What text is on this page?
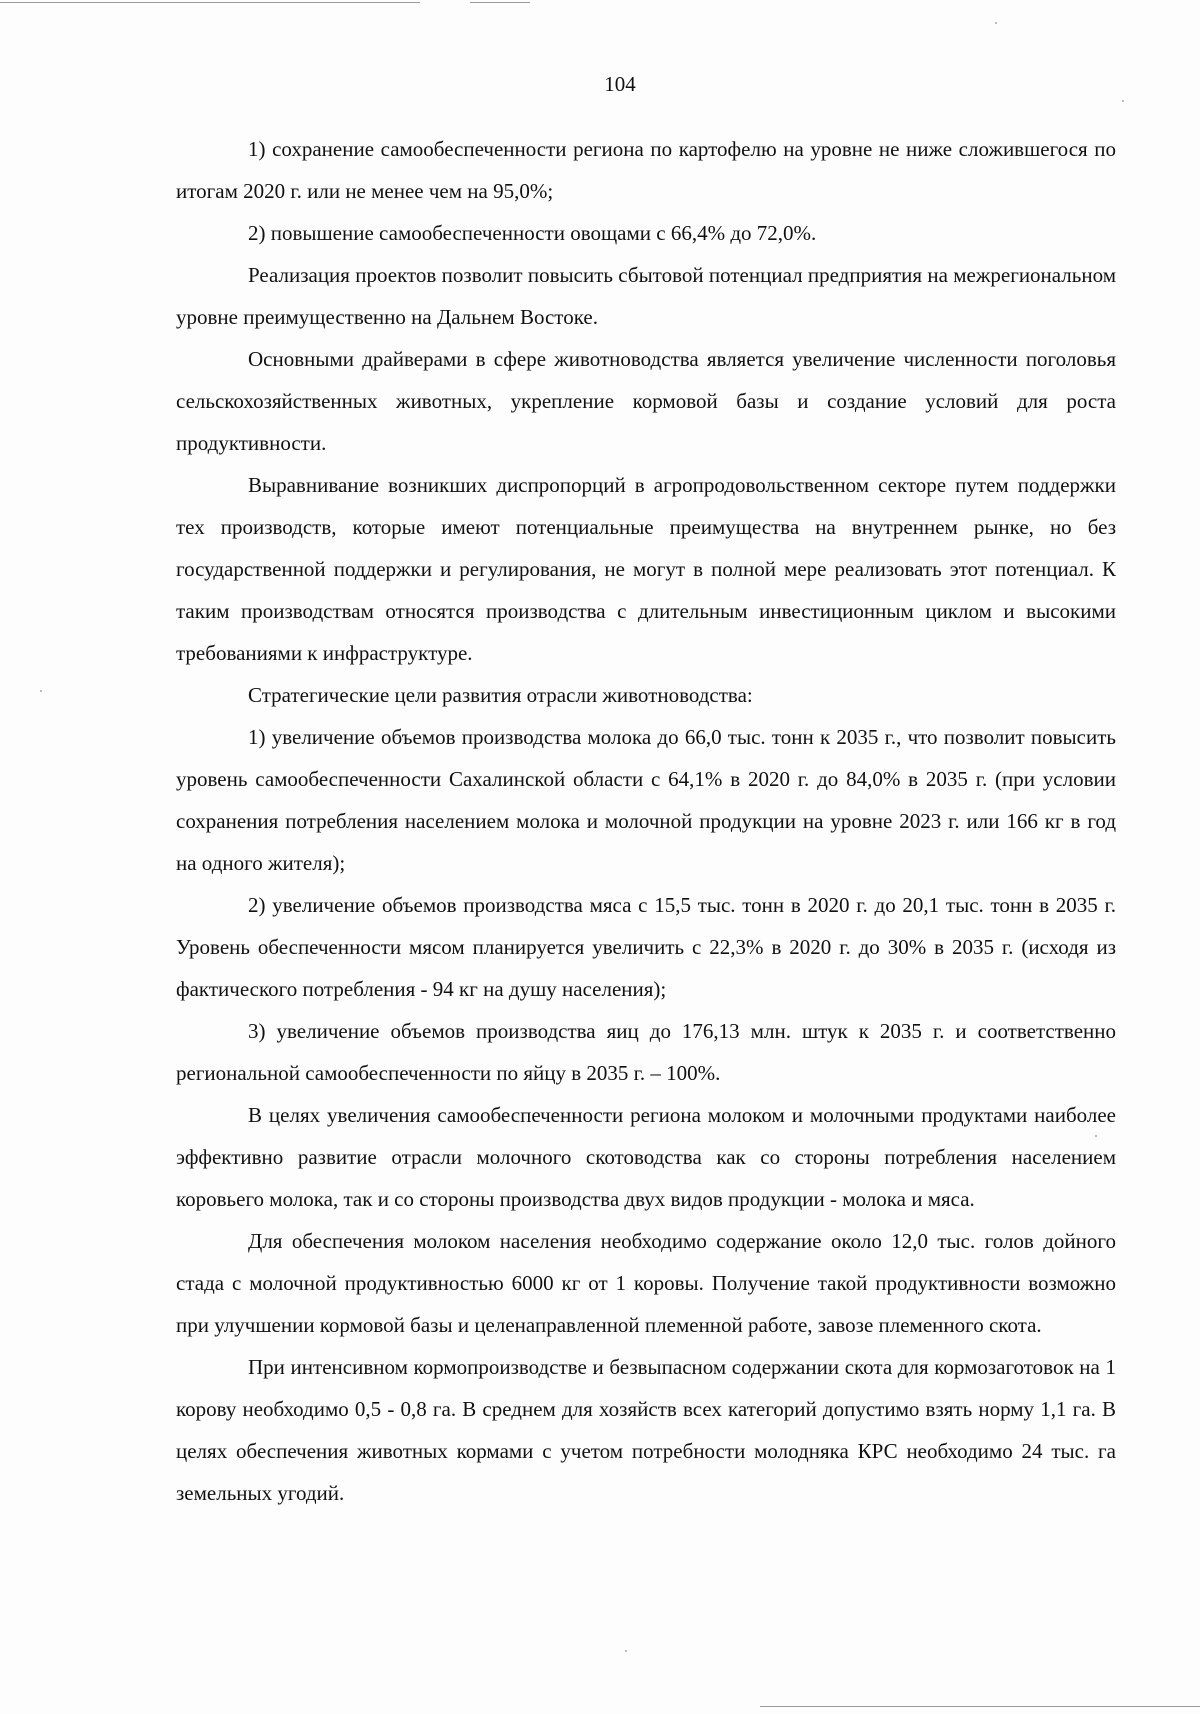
104

1) сохранение самообеспеченности региона по картофелю на уровне не ниже сложившегося по итогам 2020 г. или не менее чем на 95,0%;

2) повышение самообеспеченности овощами с 66,4% до 72,0%.

Реализация проектов позволит повысить сбытовой потенциал предприятия на межрегиональном уровне преимущественно на Дальнем Востоке.

Основными драйверами в сфере животноводства является увеличение численности поголовья сельскохозяйственных животных, укрепление кормовой базы и создание условий для роста продуктивности.

Выравнивание возникших диспропорций в агропродовольственном секторе путем поддержки тех производств, которые имеют потенциальные преимущества на внутреннем рынке, но без государственной поддержки и регулирования, не могут в полной мере реализовать этот потенциал. К таким производствам относятся производства с длительным инвестиционным циклом и высокими требованиями к инфраструктуре.

Стратегические цели развития отрасли животноводства:

1) увеличение объемов производства молока до 66,0 тыс. тонн к 2035 г., что позволит повысить уровень самообеспеченности Сахалинской области с 64,1% в 2020 г. до 84,0% в 2035 г. (при условии сохранения потребления населением молока и молочной продукции на уровне 2023 г. или 166 кг в год на одного жителя);

2) увеличение объемов производства мяса с 15,5 тыс. тонн в 2020 г. до 20,1 тыс. тонн в 2035 г. Уровень обеспеченности мясом планируется увеличить с 22,3% в 2020 г. до 30% в 2035 г. (исходя из фактического потребления - 94 кг на душу населения);

3) увеличение объемов производства яиц до 176,13 млн. штук к 2035 г. и соответственно региональной самообеспеченности по яйцу в 2035 г. – 100%.

В целях увеличения самообеспеченности региона молоком и молочными продуктами наиболее эффективно развитие отрасли молочного скотоводства как со стороны потребления населением коровьего молока, так и со стороны производства двух видов продукции - молока и мяса.

Для обеспечения молоком населения необходимо содержание около 12,0 тыс. голов дойного стада с молочной продуктивностью 6000 кг от 1 коровы. Получение такой продуктивности возможно при улучшении кормовой базы и целенаправленной племенной работе, завозе племенного скота.

При интенсивном кормопроизводстве и безвыпасном содержании скота для кормозаготовок на 1 корову необходимо 0,5 - 0,8 га. В среднем для хозяйств всех категорий допустимо взять норму 1,1 га. В целях обеспечения животных кормами с учетом потребности молодняка КРС необходимо 24 тыс. га земельных угодий.
